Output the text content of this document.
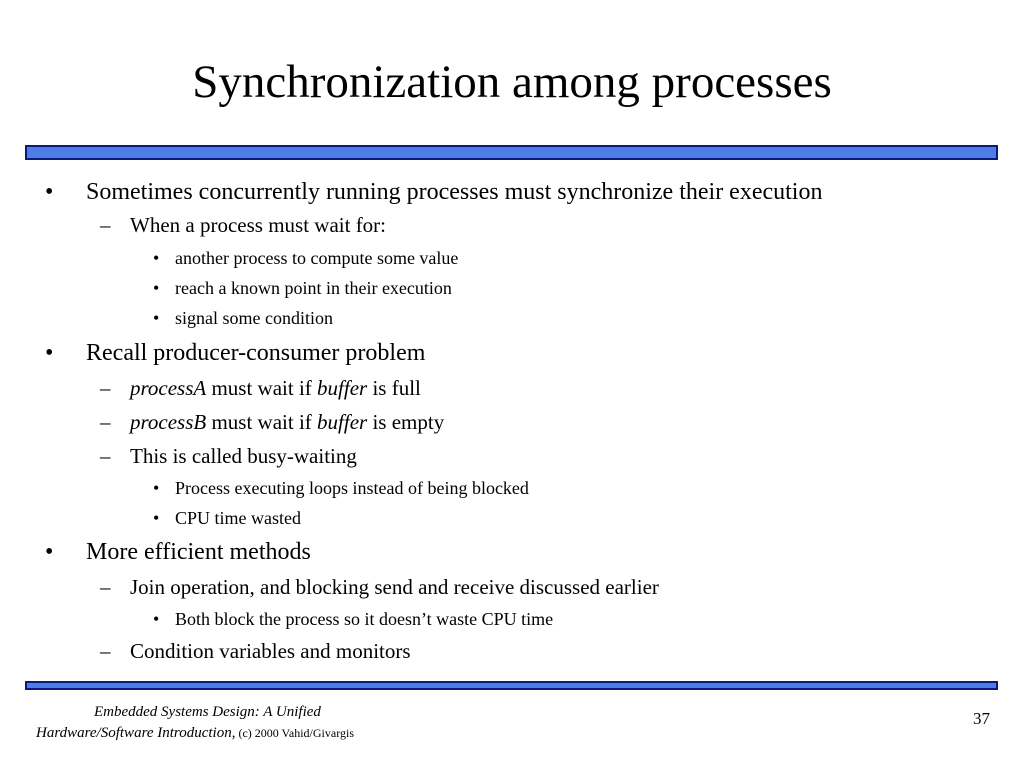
Synchronization among processes
• Sometimes concurrently running processes must synchronize their execution
– When a process must wait for:
• another process to compute some value
• reach a known point in their execution
• signal some condition
• Recall producer-consumer problem
– processA must wait if buffer is full
– processB must wait if buffer is empty
– This is called busy-waiting
• Process executing loops instead of being blocked
• CPU time wasted
• More efficient methods
– Join operation, and blocking send and receive discussed earlier
• Both block the process so it doesn’t waste CPU time
– Condition variables and monitors
Embedded Systems Design: A Unified
Hardware/Software Introduction, (c) 2000 Vahid/Givargis
37
